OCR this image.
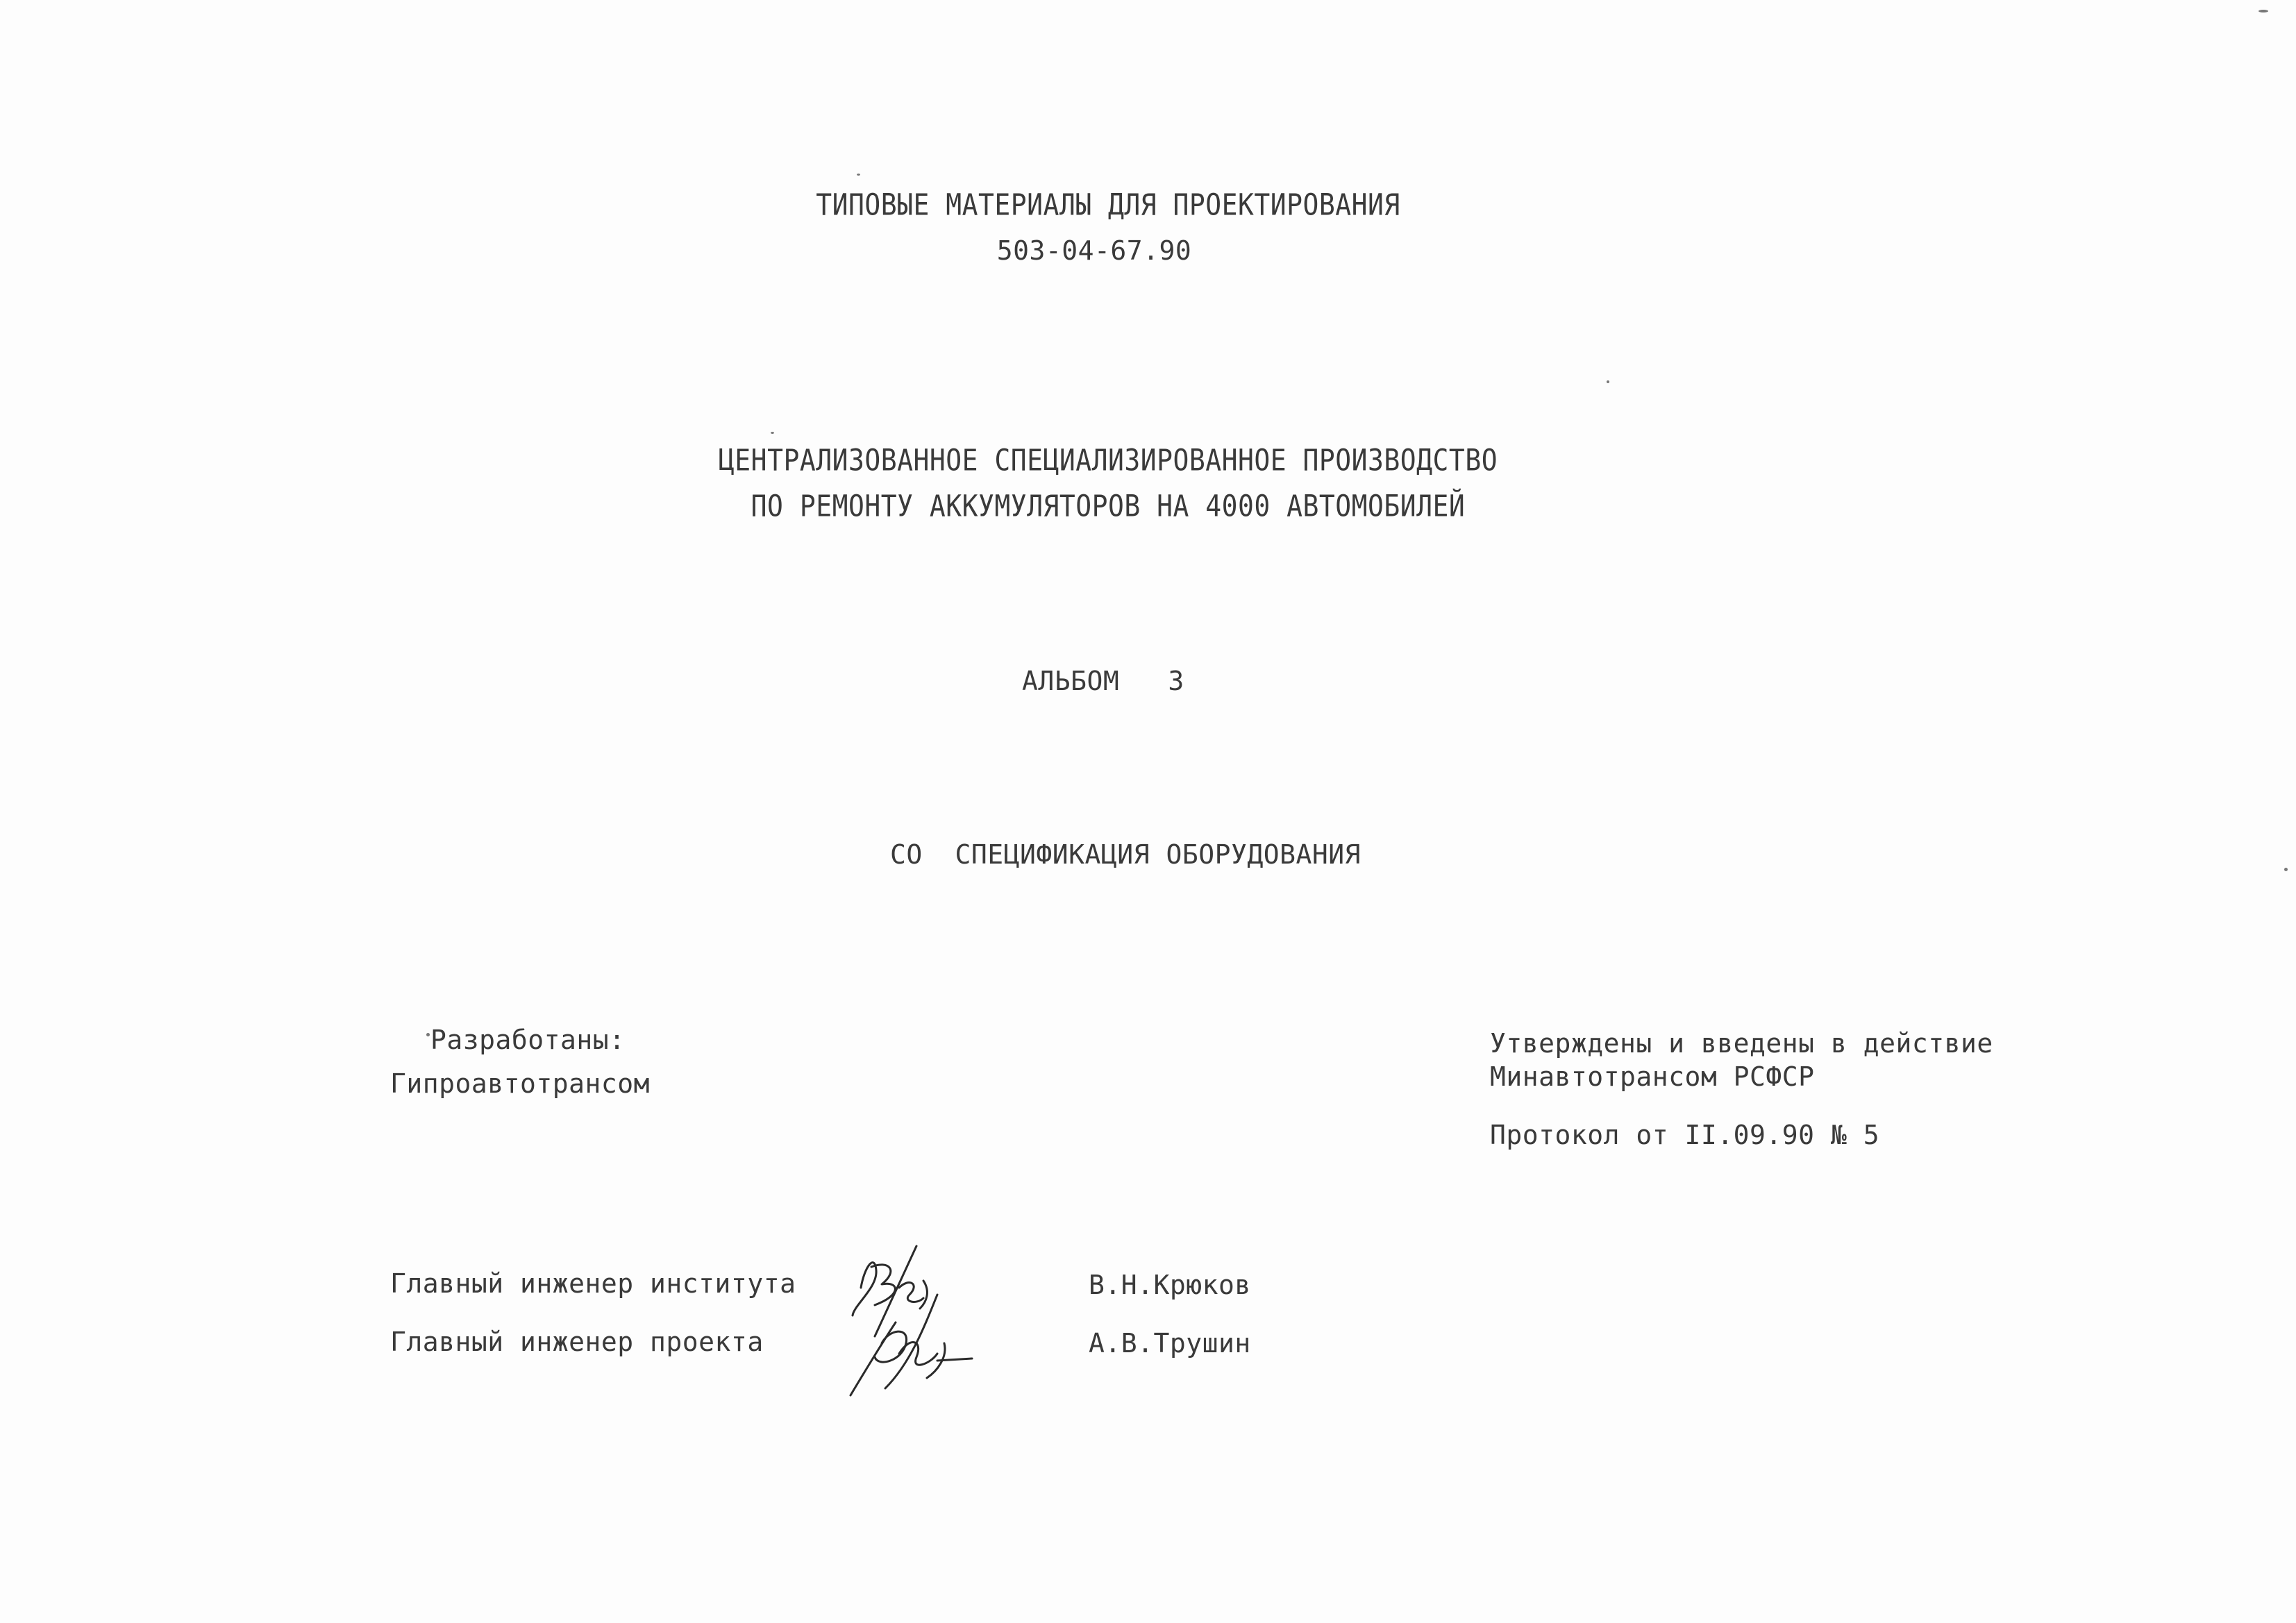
ТИПОВЫЕ МАТЕРИАЛЫ ДЛЯ ПРОЕКТИРОВАНИЯ
503-04-67.90
ЦЕНТРАЛИЗОВАННОЕ СПЕЦИАЛИЗИРОВАННОЕ ПРОИЗВОДСТВО
ПО РЕМОНТУ АККУМУЛЯТОРОВ НА 4000 АВТОМОБИЛЕЙ
АЛЬБОМ 3
СО СПЕЦИФИКАЦИЯ ОБОРУДОВАНИЯ
Разработаны:
Гипроавтотрансом
Утверждены и введены в действие
Минавтотрансом РСФСР
Протокол от II.09.90 № 5
Главный инженер института	В.Н.Крюков
Главный инженер проекта	А.В.Трушин
